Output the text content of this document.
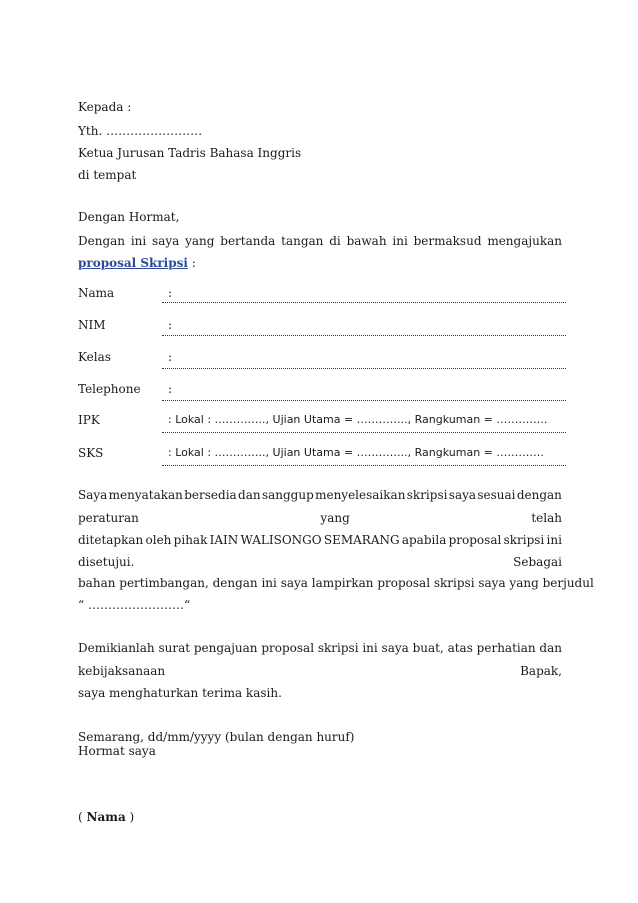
Kepada :
Yth. ……………………
Ketua Jurusan Tadris Bahasa Inggris
di tempat
Dengan Hormat,
Dengan ini saya yang bertanda tangan di bawah ini bermaksud mengajukan
proposal Skripsi :
Nama	:
NIM	:
Kelas	:
Telephone :
IPK	: Lokal : ………….., Ujian Utama = ………….., Rangkuman = …………..
SKS	: Lokal : ………….., Ujian Utama = ………….., Rangkuman = ………….
Saya menyatakan bersedia dan sanggup menyelesaikan skripsi saya sesuai dengan
peraturan	yang	telah
ditetapkan oleh pihak IAIN WALISONGO SEMARANG apabila proposal skripsi ini
disetujui.	Sebagai
bahan pertimbangan, dengan ini saya lampirkan proposal skripsi saya yang berjudul
“ ……………………“
Demikianlah surat pengajuan proposal skripsi ini saya buat, atas perhatian dan
kebijaksanaan	Bapak,
saya menghaturkan terima kasih.
Semarang, dd/mm/yyyy (bulan dengan huruf)
Hormat saya
( Nama )
